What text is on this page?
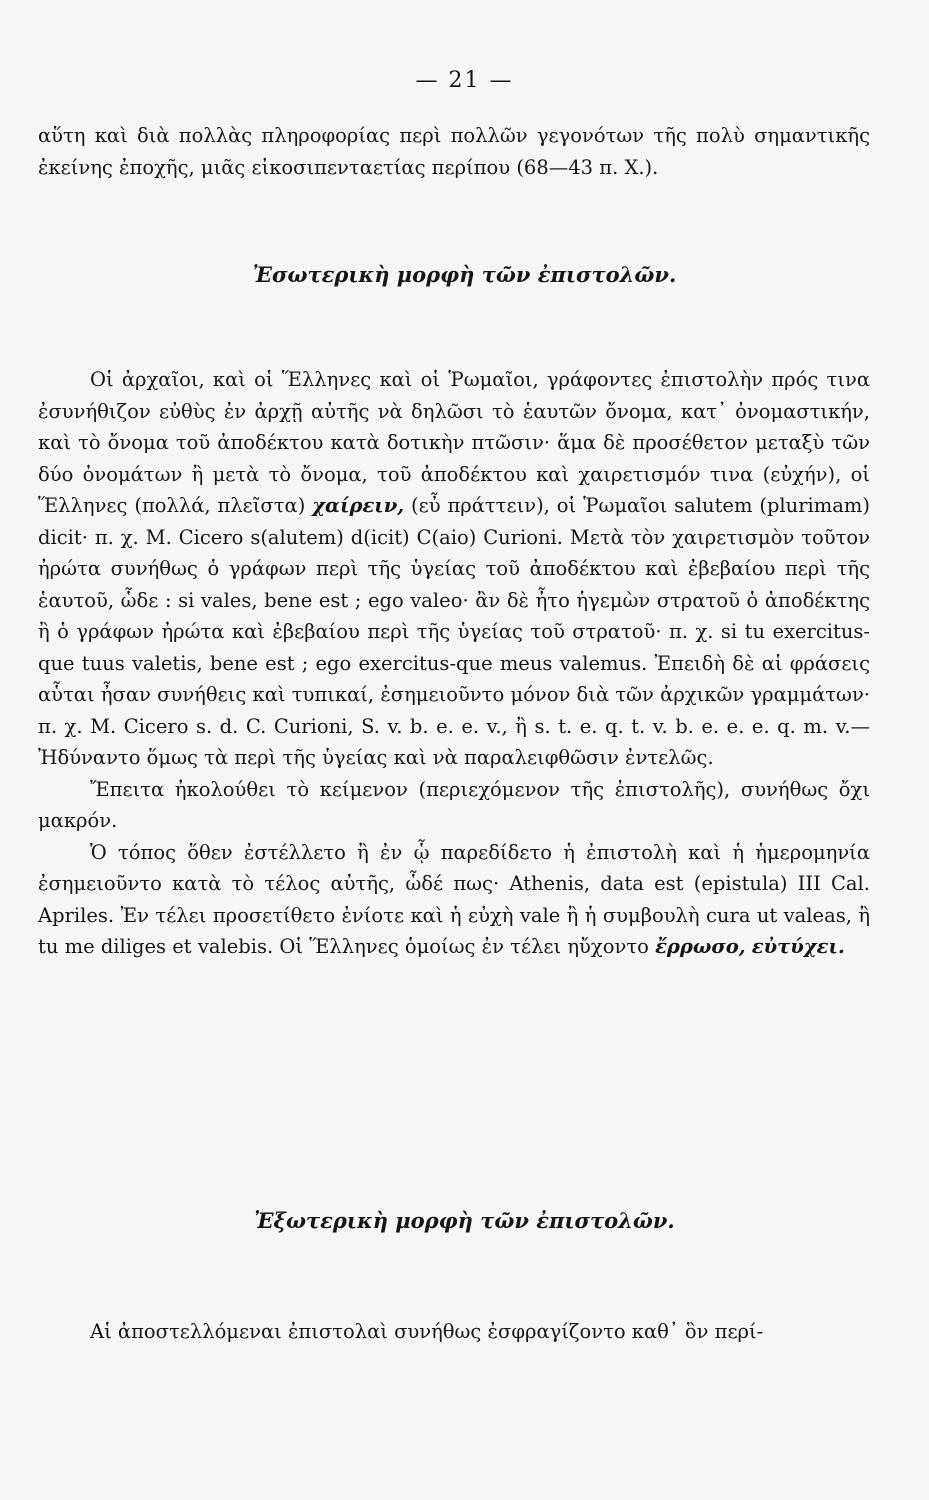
— 21 —

αὕτη καὶ διὰ πολλὰς πληροφορίας περὶ πολλῶν γεγονότων τῆς πολὺ σημαντικῆς ἐκείνης ἐποχῆς, μιᾶς εἰκοσιπενταετίας περίπου (68—43 π. Χ.).

Ἐσωτερικὴ μορφὴ τῶν ἐπιστολῶν.

Οἱ ἀρχαῖοι, καὶ οἱ Ἕλληνες καὶ οἱ Ῥωμαῖοι, γράφοντες ἐπιστολὴν πρός τινα ἐσυνήθιζον εὐθὺς ἐν ἀρχῇ αὐτῆς νὰ δηλῶσι τὸ ἑαυτῶν ὄνομα, κατ᾽ ὀνομαστικήν, καὶ τὸ ὄνομα τοῦ ἀποδέκτου κατὰ δοτικὴν πτῶσιν· ἅμα δὲ προσέθετον μεταξὺ τῶν δύο ὀνομάτων ἢ μετὰ τὸ ὄνομα, τοῦ ἀποδέκτου καὶ χαιρετισμόν τινα (εὐχήν), οἱ Ἕλληνες (πολλά, πλεῖστα) χαίρειν, (εὖ πράττειν), οἱ Ῥωμαῖοι salutem (plurimam) dicit· π. χ. M. Cicero s(alutem) d(icit) C(aio) Curioni. Μετὰ τὸν χαιρετισμὸν τοῦτον ἠρώτα συνήθως ὁ γράφων περὶ τῆς ὑγείας τοῦ ἀποδέκτου καὶ ἐβεβαίου περὶ τῆς ἑαυτοῦ, ὧδε : si vales, bene est ; ego valeo· ἂν δὲ ἦτο ἡγεμὼν στρατοῦ ὁ ἀποδέκτης ἢ ὁ γράφων ἠρώτα καὶ ἐβεβαίου περὶ τῆς ὑγείας τοῦ στρατοῦ· π. χ. si tu exercitus-que tuus valetis, bene est ; ego exercitus-que meus valemus. Ἐπειδὴ δὲ αἱ φράσεις αὗται ἦσαν συνήθεις καὶ τυπικαί, ἐσημειοῦντο μόνον διὰ τῶν ἀρχικῶν γραμμάτων· π. χ. M. Cicero s. d. C. Curioni, S. v. b. e. e. v., ἢ s. t. e. q. t. v. b. e. e. e. q. m. v.— Ἠδύναντο ὅμως τὰ περὶ τῆς ὑγείας καὶ νὰ παραλειφθῶσιν ἐντελῶς.

Ἔπειτα ἠκολούθει τὸ κείμενον (περιεχόμενον τῆς ἐπιστολῆς), συνήθως ὄχι μακρόν.

Ὁ τόπος ὅθεν ἐστέλλετο ἢ ἐν ᾧ παρεδίδετο ἡ ἐπιστολὴ καὶ ἡ ἡμερομηνία ἐσημειοῦντο κατὰ τὸ τέλος αὐτῆς, ὧδέ πως· Athenis, data est (epistula) III Cal. Apriles. Ἐν τέλει προσετίθετο ἐνίοτε καὶ ἡ εὐχὴ vale ἢ ἡ συμβουλὴ cura ut valeas, ἢ tu me diliges et valebis. Οἱ Ἕλληνες ὁμοίως ἐν τέλει ηὔχοντο ἔρρωσο, εὐτύχει.

Ἐξωτερικὴ μορφὴ τῶν ἐπιστολῶν.

Αἱ ἀποστελλόμεναι ἐπιστολαὶ συνήθως ἐσφραγίζοντο καθ᾽ ὃν περί-
